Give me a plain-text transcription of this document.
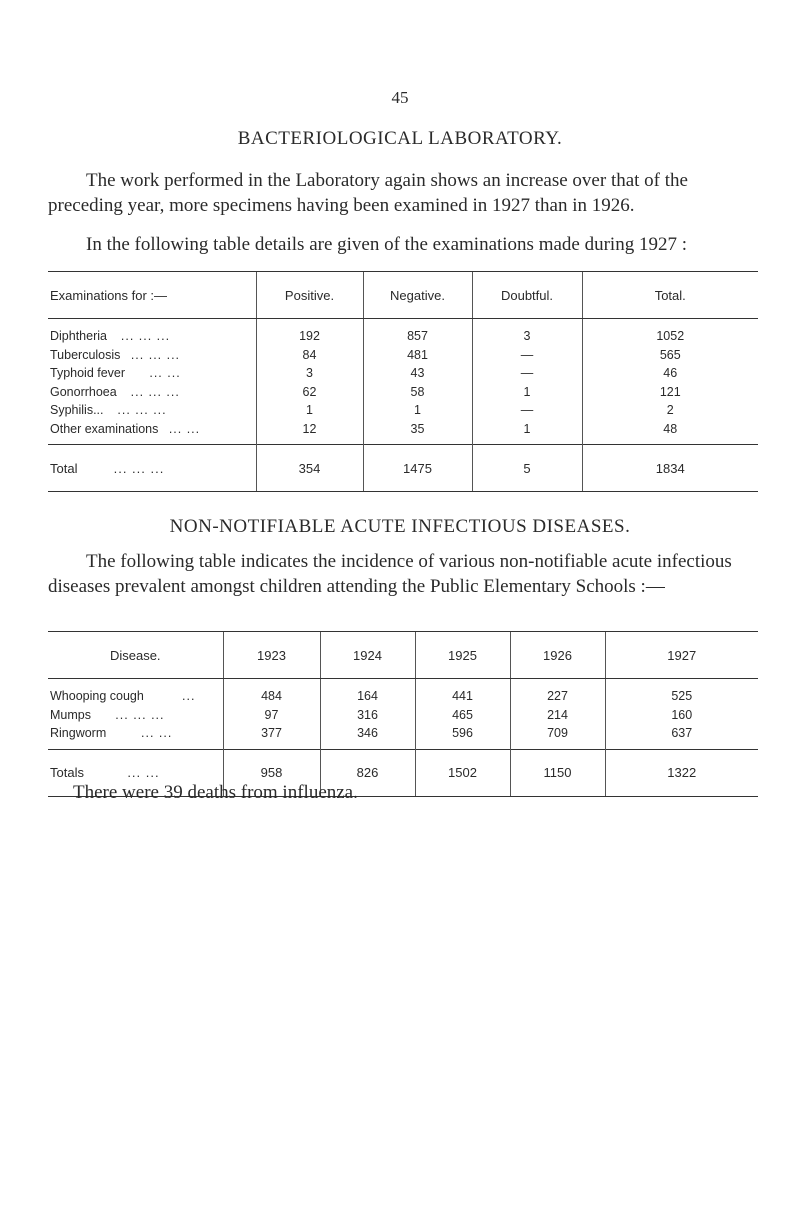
45
BACTERIOLOGICAL LABORATORY.
The work performed in the Laboratory again shows an increase over that of the preceding year, more specimens having been examined in 1927 than in 1926.
In the following table details are given of the examinations made during 1927 :
Examinations for :—	Positive.	Negative.	Doubtful.	Total.
Diphtheria ... ... ...	192	857	3	1052
Tuberculosis ... ... ...	84	481	—	565
Typhoid fever ... ...	3	43	—	46
Gonorrhoea ... ... ...	62	58	1	121
Syphilis... ... ... ...	1	1	—	2
Other examinations ... ...	12	35	1	48
Total ... ... ...	354	1475	5	1834
NON-NOTIFIABLE ACUTE INFECTIOUS DISEASES.
The following table indicates the incidence of various non-notifiable acute infectious diseases prevalent amongst children attending the Public Elementary Schools :—
Disease.	1923	1924	1925	1926	1927
Whooping cough ...	484	164	441	227	525
Mumps ... ... ...	97	316	465	214	160
Ringworm ... ...	377	346	596	709	637
Totals ... ...	958	826	1502	1150	1322
There were 39 deaths from influenza.
